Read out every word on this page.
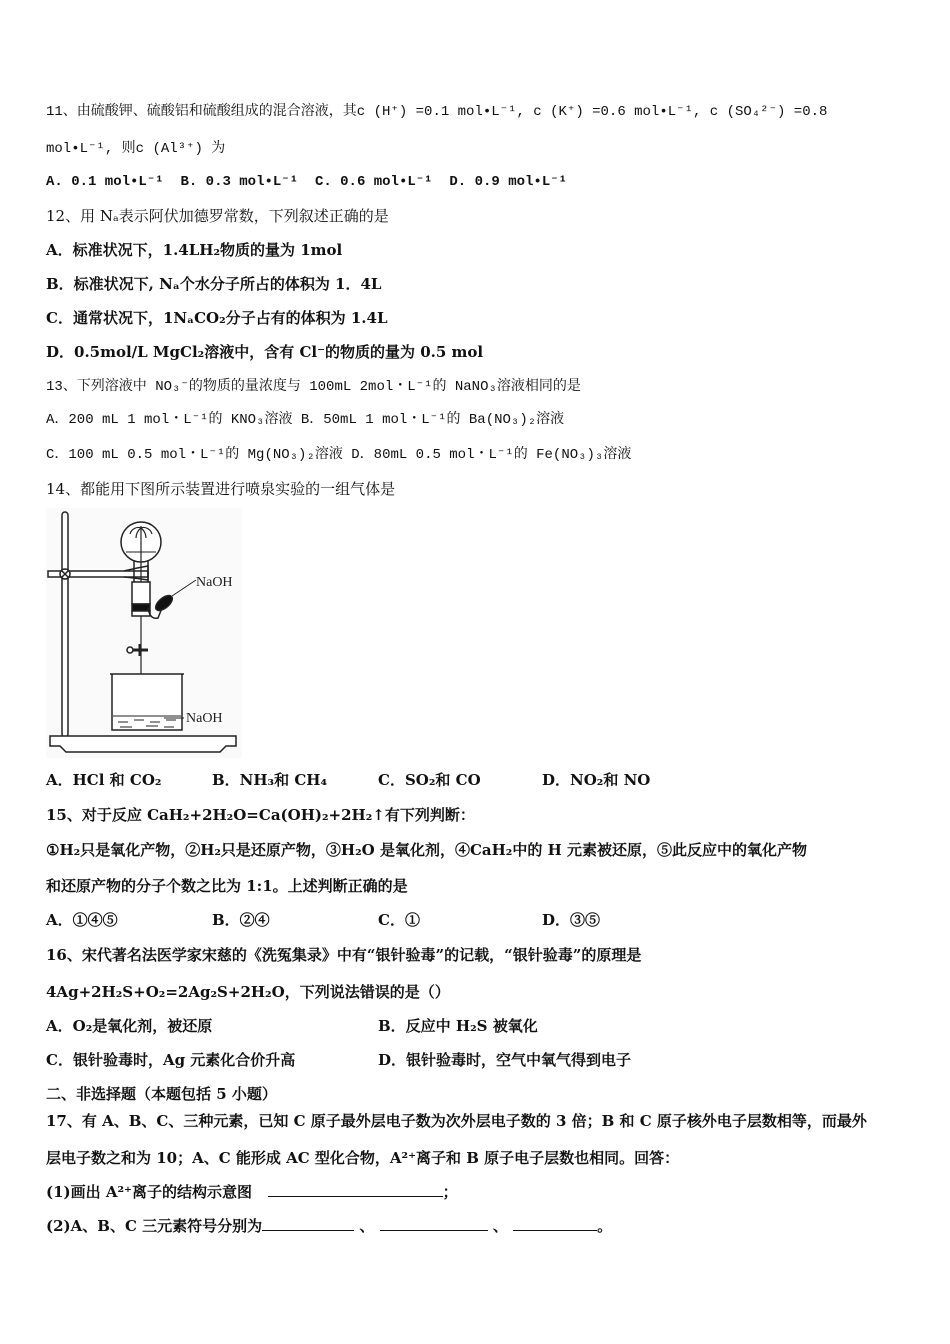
11、由硫酸钾、硫酸铝和硫酸组成的混合溶液，其c (H⁺) =0.1 mol•L⁻¹, c (K⁺) =0.6 mol•L⁻¹, c (SO₄²⁻) =0.8
mol•L⁻¹, 则c (Al³⁺) 为
A. 0.1 mol•L⁻¹ B. 0.3 mol•L⁻¹ C. 0.6 mol•L⁻¹ D. 0.9 mol•L⁻¹
12、用 Nₐ表示阿伏加德罗常数，下列叙述正确的是
A．标准状况下，1.4LH₂物质的量为 1mol
B．标准状况下, Nₐ个水分子所占的体积为 1．4L
C．通常状况下，1NₐCO₂分子占有的体积为 1.4L
D．0.5mol/L MgCl₂溶液中，含有 Cl⁻的物质的量为 0.5 mol
13、下列溶液中 NO₃⁻的物质的量浓度与 100mL 2mol・L⁻¹的 NaNO₃溶液相同的是
A．200 mL 1 mol・L⁻¹的 KNO₃溶液 B．50mL 1 mol・L⁻¹的 Ba(NO₃)₂溶液
C．100 mL 0.5 mol・L⁻¹的 Mg(NO₃)₂溶液 D．80mL 0.5 mol・L⁻¹的 Fe(NO₃)₃溶液
14、都能用下图所示装置进行喷泉实验的一组气体是
NaOH
NaOH
A．HCl 和 CO₂	B．NH₃和 CH₄	C．SO₂和 CO	D．NO₂和 NO
15、对于反应 CaH₂+2H₂O=Ca(OH)₂+2H₂↑有下列判断：
①H₂只是氧化产物，②H₂只是还原产物，③H₂O 是氧化剂，④CaH₂中的 H 元素被还原，⑤此反应中的氧化产物
和还原产物的分子个数之比为 1:1。上述判断正确的是
A．①④⑤	B．②④	C．①	D．③⑤
16、宋代著名法医学家宋慈的《洗冤集录》中有“银针验毒”的记载，“银针验毒”的原理是
4Ag+2H₂S+O₂=2Ag₂S+2H₂O，下列说法错误的是（）
A．O₂是氧化剂，被还原	B．反应中 H₂S 被氧化
C．银针验毒时，Ag 元素化合价升高	D．银针验毒时，空气中氧气得到电子
二、非选择题（本题包括 5 小题）
17、有 A、B、C、三种元素，已知 C 原子最外层电子数为次外层电子数的 3 倍；B 和 C 原子核外电子层数相等，而最外
层电子数之和为 10；A、C 能形成 AC 型化合物，A²⁺离子和 B 原子电子层数也相同。回答：
(1)画出 A²⁺离子的结构示意图	；
(2)A、B、C 三元素符号分别为	、	、	。
